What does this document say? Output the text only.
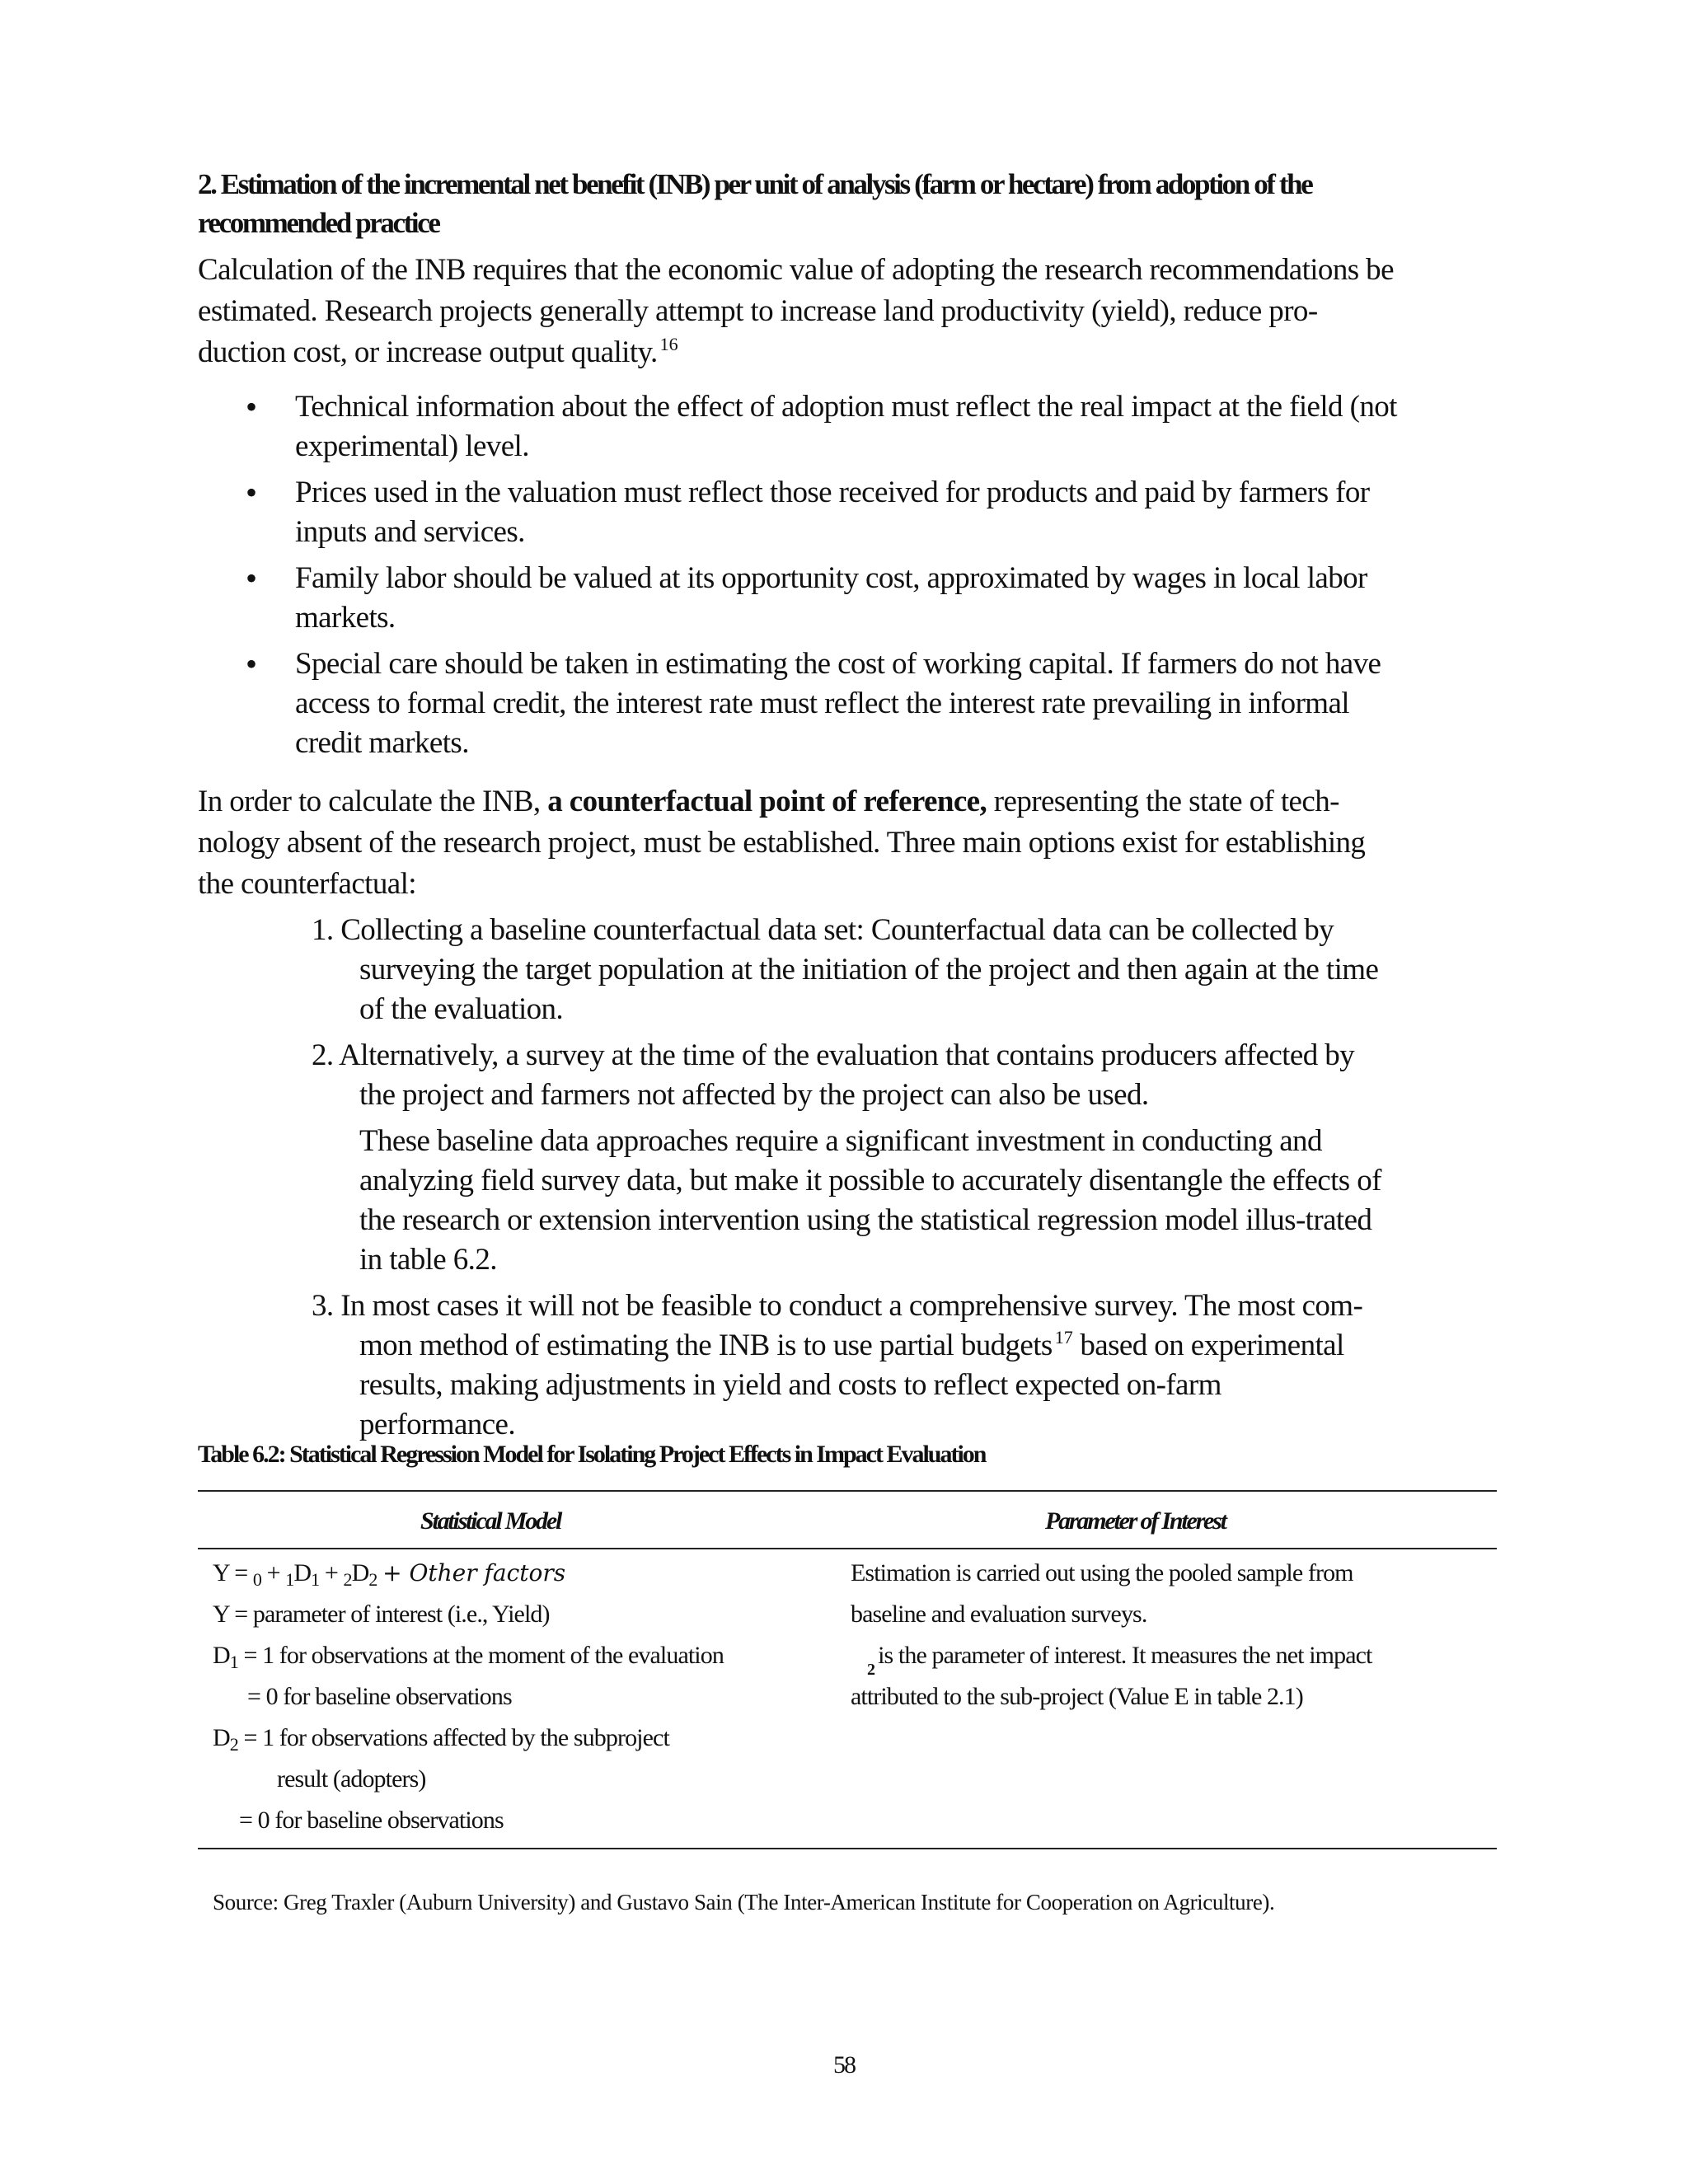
2. Estimation of the incremental net benefit (INB) per unit of analysis (farm or hectare) from adoption of the recommended practice
Calculation of the INB requires that the economic value of adopting the research recommendations be estimated. Research projects generally attempt to increase land productivity (yield), reduce pro-duction cost, or increase output quality. $^{16}$
• Technical information about the effect of adoption must reflect the real impact at the field (not experimental) level.
• Prices used in the valuation must reflect those received for products and paid by farmers for inputs and services.
• Family labor should be valued at its opportunity cost, approximated by wages in local labor markets.
• Special care should be taken in estimating the cost of working capital. If farmers do not have access to formal credit, the interest rate must reflect the interest rate prevailing in informal credit markets.
In order to calculate the INB, a counterfactual point of reference, representing the state of tech-nology absent of the research project, must be established. Three main options exist for establishing the counterfactual:
1. Collecting a baseline counterfactual data set: Counterfactual data can be collected by surveying the target population at the initiation of the project and then again at the time of the evaluation.
2. Alternatively, a survey at the time of the evaluation that contains producers affected by the project and farmers not affected by the project can also be used.
These baseline data approaches require a significant investment in conducting and analyzing field survey data, but make it possible to accurately disentangle the effects of the research or extension intervention using the statistical regression model illus-trated in table 6.2.
3. In most cases it will not be feasible to conduct a comprehensive survey. The most com-mon method of estimating the INB is to use partial budgets $^{17}$ based on experimental results, making adjustments in yield and costs to reflect expected on-farm performance.
Table 6.2: Statistical Regression Model for Isolating Project Effects in Impact Evaluation
Statistical Model	Parameter of Interest
$Y = _0 + _1D_1 + _2D_2$ + Other factors
Y = parameter of interest (i.e., Yield)
$D_1 = 1$ for observations at the moment of the evaluation
= 0 for baseline observations
$D_2 = 1$ for observations affected by the subproject
result (adopters)
= 0 for baseline observations
Estimation is carried out using the pooled sample from
baseline and evaluation surveys.
2is the parameter of interest. It measures the net impact
attributed to the sub-project (Value E in table 2.1)
Source: Greg Traxler (Auburn University) and Gustavo Sain (The Inter-American Institute for Cooperation on Agriculture).
58
